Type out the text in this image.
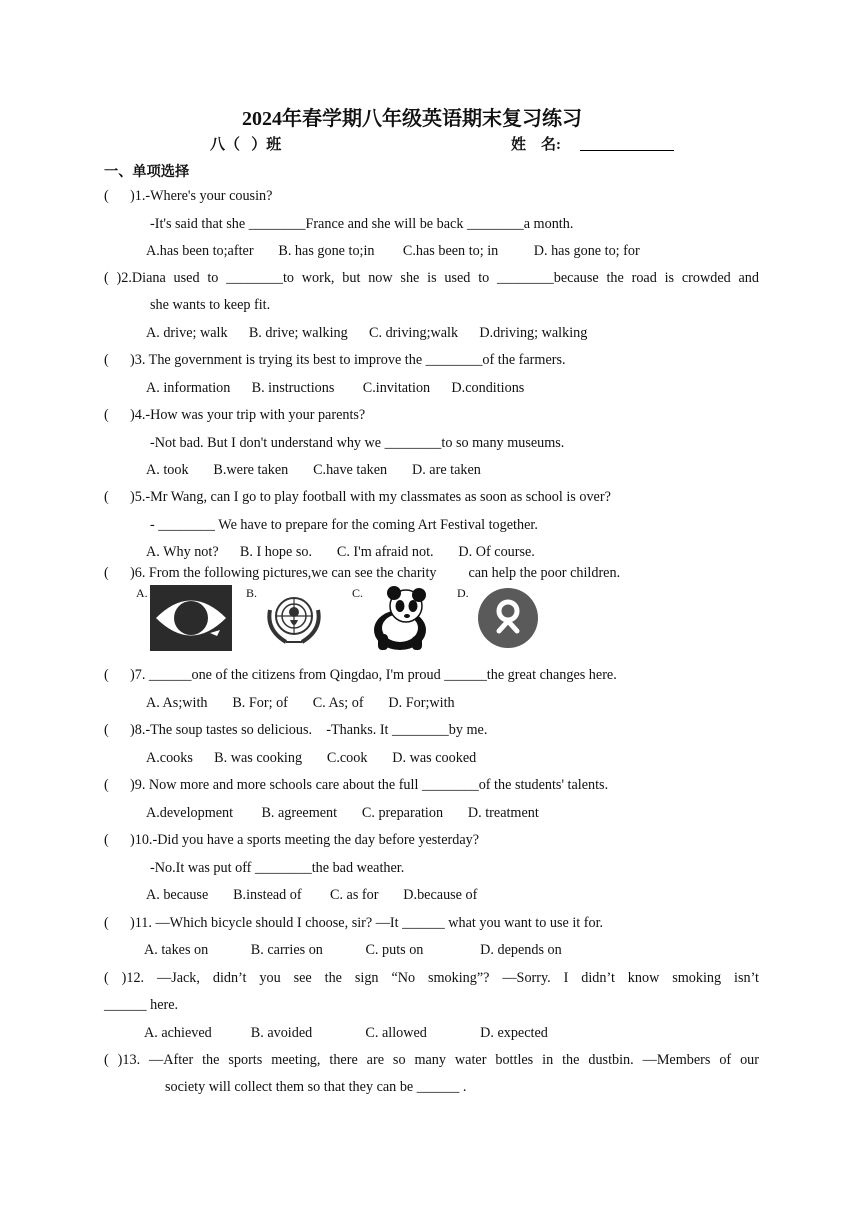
2024年春学期八年级英语期末复习练习
八（   ）班	姓    名:
一、单项选择
(      )1.-Where's your cousin?
-It's said that she ________France and she will be back ________a month.
A.has been to;after       B. has gone to;in        C.has been to; in          D. has gone to; for
( )2.Diana used to ________to work, but now she is used to ________because the road is crowded and
she wants to keep fit.
A. drive; walk      B. drive; walking      C. driving;walk      D.driving; walking
(      )3. The government is trying its best to improve the ________of the farmers.
A. information      B. instructions        C.invitation      D.conditions
(      )4.-How was your trip with your parents?
-Not bad. But I don't understand why we ________to so many museums.
A. took       B.were taken       C.have taken       D. are taken
(      )5.-Mr Wang, can I go to play football with my classmates as soon as school is over?
- ________ We have to prepare for the coming Art Festival together.
A. Why not?      B. I hope so.       C. I'm afraid not.       D. Of course.
(      )6. From the following pictures,we can see the charity         can help the poor children.
A.	B.	C.	D.
(      )7. ______one of the citizens from Qingdao, I'm proud ______the great changes here.
A. As;with       B. For; of       C. As; of       D. For;with
(      )8.-The soup tastes so delicious.    -Thanks. It ________by me.
A.cooks      B. was cooking       C.cook       D. was cooked
(      )9. Now more and more schools care about the full ________of the students' talents.
A.development        B. agreement       C. preparation       D. treatment
(      )10.-Did you have a sports meeting the day before yesterday?
-No.It was put off ________the bad weather.
A. because       B.instead of        C. as for       D.because of
(      )11. —Which bicycle should I choose, sir? —It ______ what you want to use it for.
A. takes on            B. carries on            C. puts on                D. depends on
( )12. —Jack, didn’t you see the sign “No smoking”? —Sorry. I didn’t know smoking isn’t
______ here.
A. achieved           B. avoided               C. allowed               D. expected
( )13. —After the sports meeting, there are so many water bottles in the dustbin. —Members of our
society will collect them so that they can be ______ .
